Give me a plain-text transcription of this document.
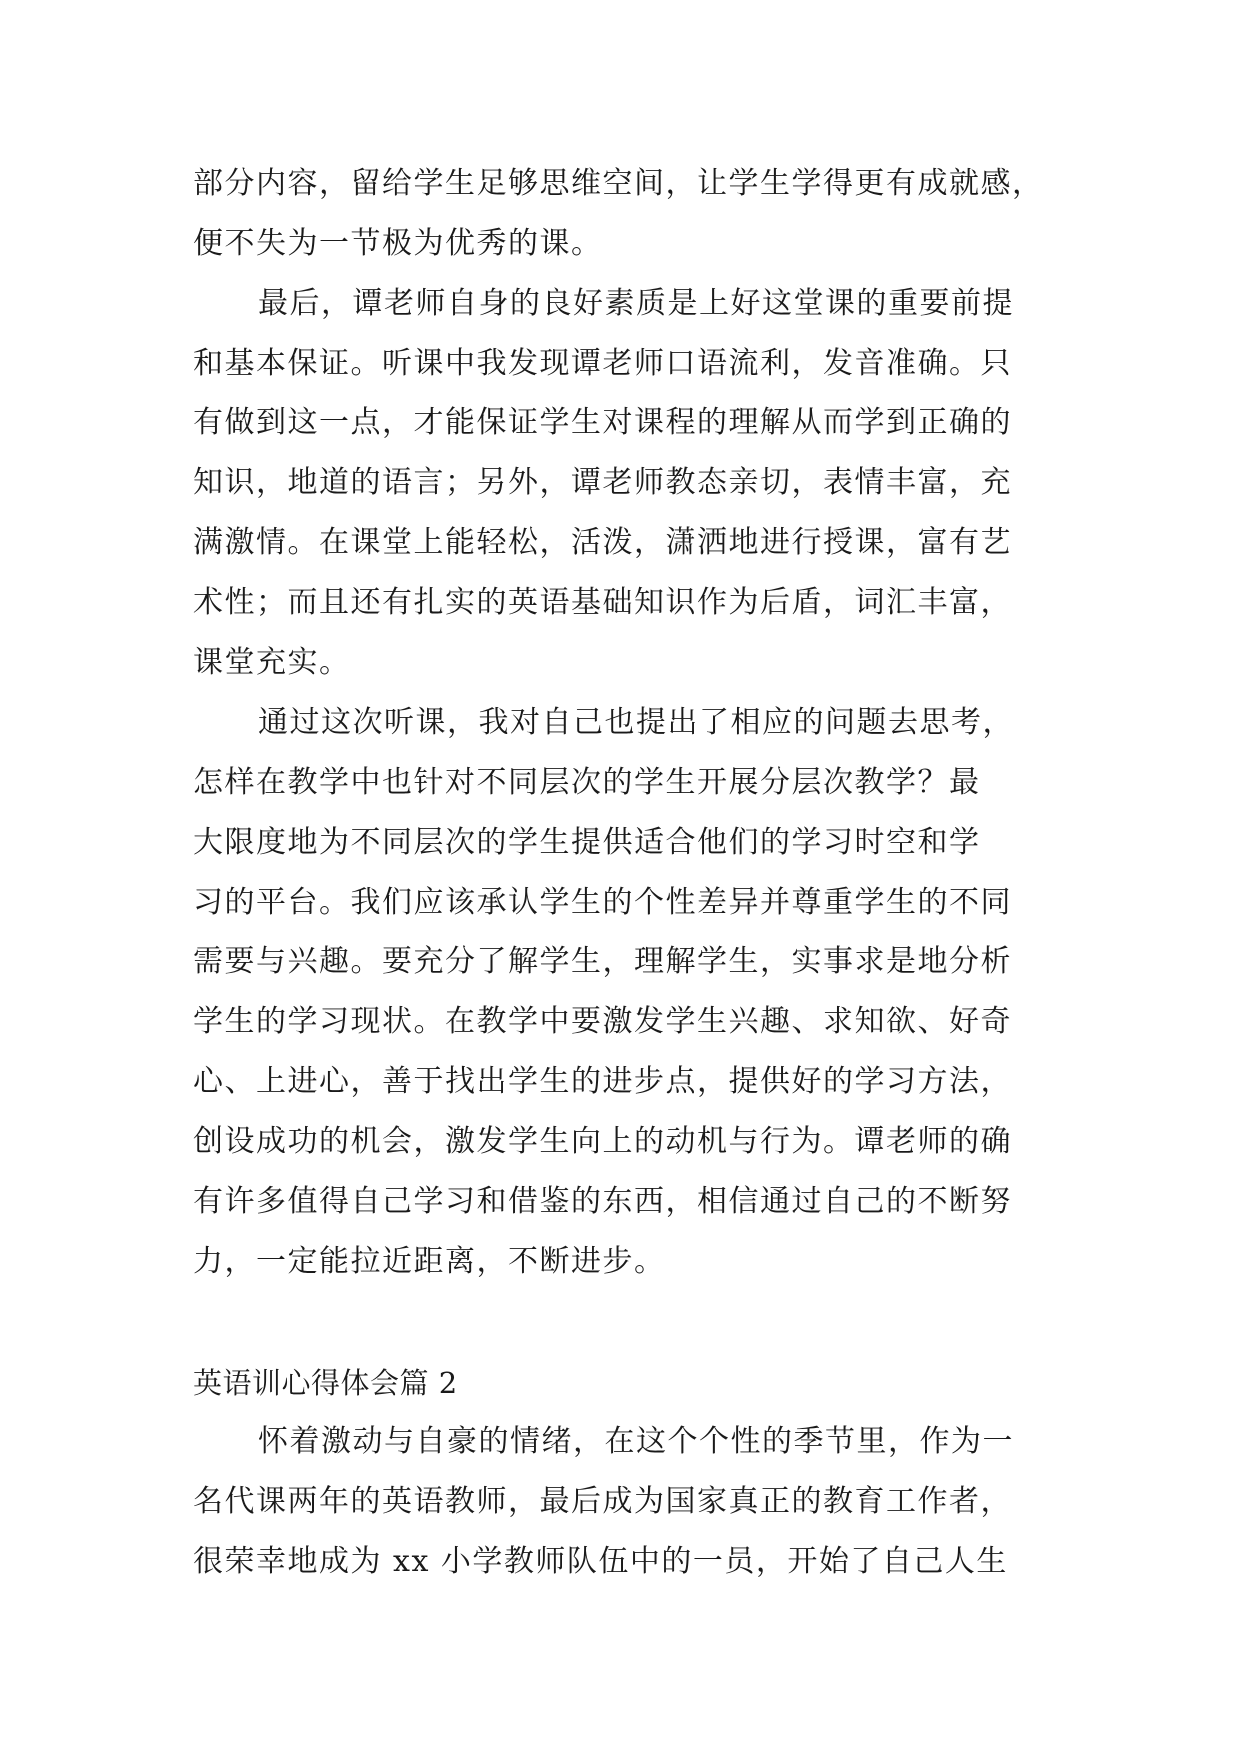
部分内容，留给学生足够思维空间，让学生学得更有成就感，
便不失为一节极为优秀的课。
最后，谭老师自身的良好素质是上好这堂课的重要前提
和基本保证。听课中我发现谭老师口语流利，发音准确。只
有做到这一点，才能保证学生对课程的理解从而学到正确的
知识，地道的语言；另外，谭老师教态亲切，表情丰富，充
满激情。在课堂上能轻松，活泼，潇洒地进行授课，富有艺
术性；而且还有扎实的英语基础知识作为后盾，词汇丰富，
课堂充实。
通过这次听课，我对自己也提出了相应的问题去思考，
怎样在教学中也针对不同层次的学生开展分层次教学？最
大限度地为不同层次的学生提供适合他们的学习时空和学
习的平台。我们应该承认学生的个性差异并尊重学生的不同
需要与兴趣。要充分了解学生，理解学生，实事求是地分析
学生的学习现状。在教学中要激发学生兴趣、求知欲、好奇
心、上进心，善于找出学生的进步点，提供好的学习方法，
创设成功的机会，激发学生向上的动机与行为。谭老师的确
有许多值得自己学习和借鉴的东西，相信通过自己的不断努
力，一定能拉近距离，不断进步。
英语训心得体会篇 2
怀着激动与自豪的情绪，在这个个性的季节里，作为一
名代课两年的英语教师，最后成为国家真正的教育工作者，
很荣幸地成为 xx 小学教师队伍中的一员，开始了自己人生
